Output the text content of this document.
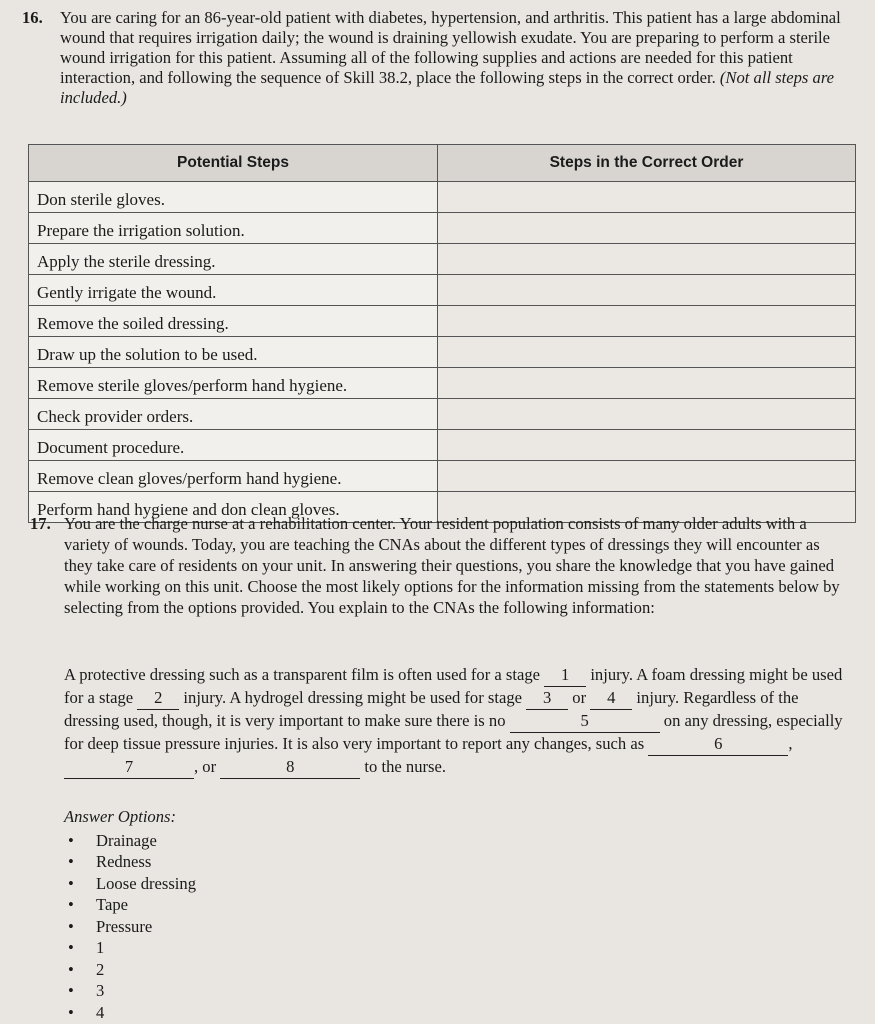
16. You are caring for an 86-year-old patient with diabetes, hypertension, and arthritis. This patient has a large abdominal wound that requires irrigation daily; the wound is draining yellowish exudate. You are preparing to perform a sterile wound irrigation for this patient. Assuming all of the following supplies and actions are needed for this patient interaction, and following the sequence of Skill 38.2, place the following steps in the correct order. (Not all steps are included.)
Potential Steps	Steps in the Correct Order
Don sterile gloves.	
Prepare the irrigation solution.	
Apply the sterile dressing.	
Gently irrigate the wound.	
Remove the soiled dressing.	
Draw up the solution to be used.	
Remove sterile gloves/perform hand hygiene.	
Check provider orders.	
Document procedure.	
Remove clean gloves/perform hand hygiene.	
Perform hand hygiene and don clean gloves.	
17. You are the charge nurse at a rehabilitation center. Your resident population consists of many older adults with a variety of wounds. Today, you are teaching the CNAs about the different types of dressings they will encounter as they take care of residents on your unit. In answering their questions, you share the knowledge that you have gained while working on this unit. Choose the most likely options for the information missing from the statements below by selecting from the options provided. You explain to the CNAs the following information:
A protective dressing such as a transparent film is often used for a stage 1 injury. A foam dressing might be used for a stage 2 injury. A hydrogel dressing might be used for stage 3 or 4 injury. Regardless of the dressing used, though, it is very important to make sure there is no	5	on any dressing, especially for deep tissue pressure injuries. It is also very important to report any changes, such as	6	, 7	, or	8	to the nurse.
Answer Options:
• Drainage
• Redness
• Loose dressing
• Tape
• Pressure
• 1
• 2
• 3
• 4
